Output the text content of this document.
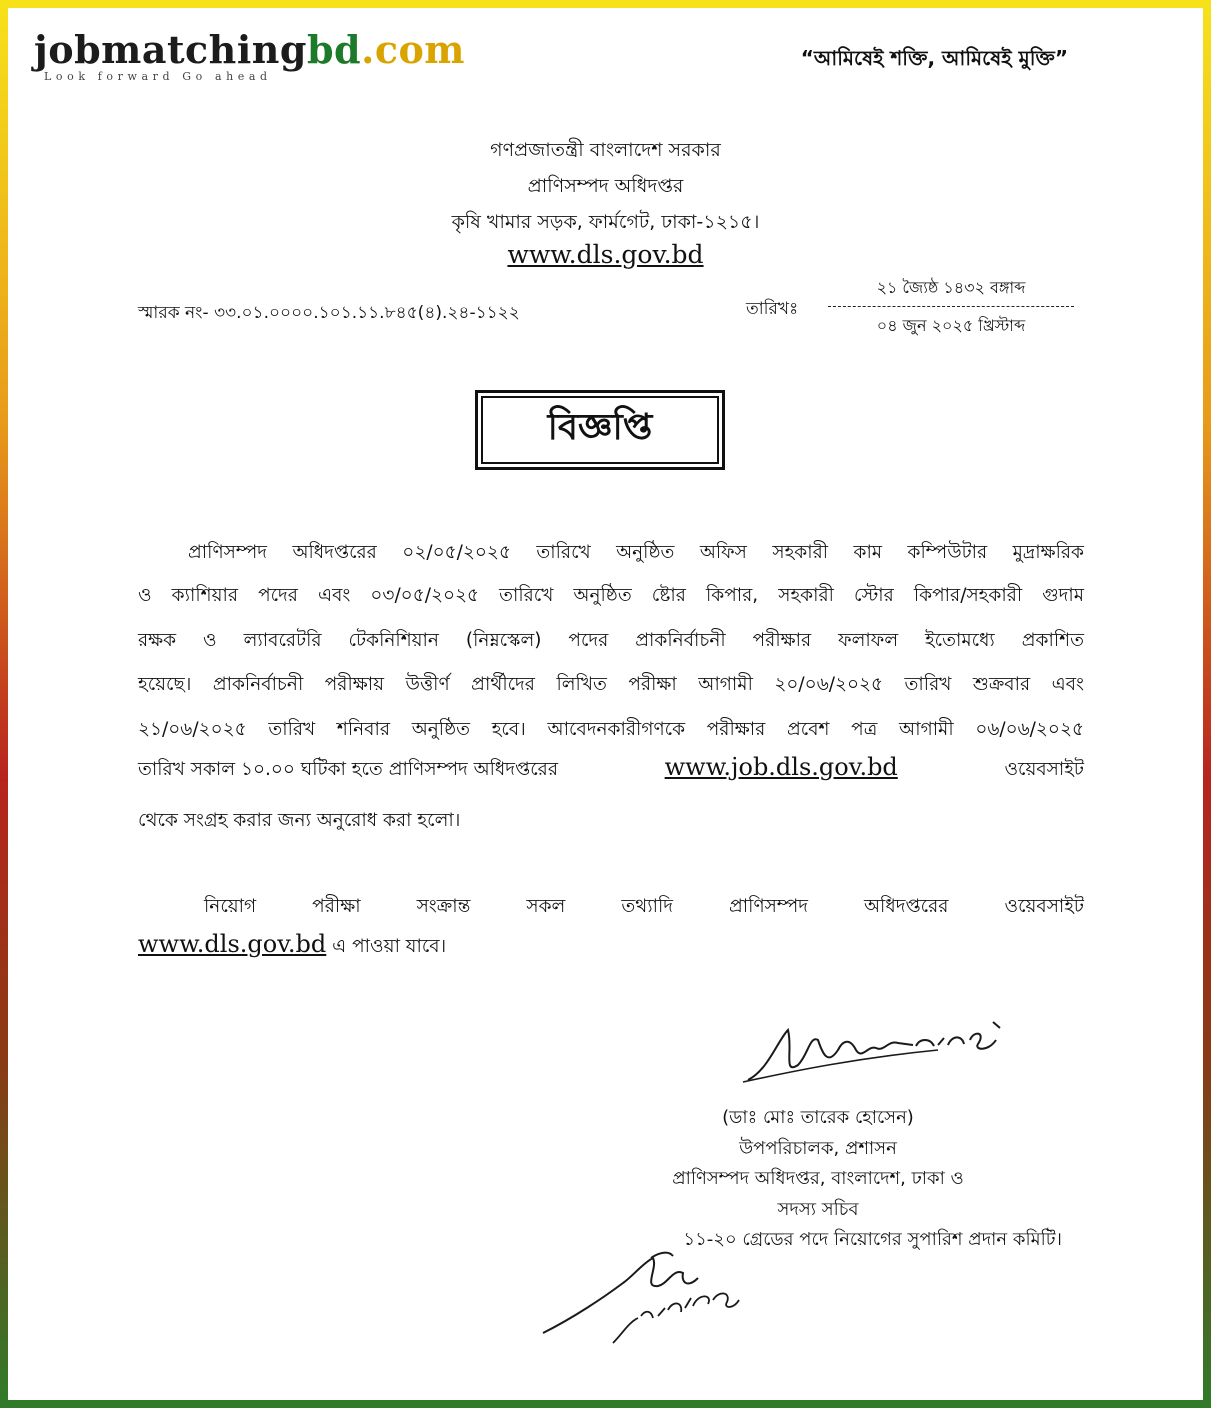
jobmatchingbd.com
Look forward Go ahead
“আমিষেই শক্তি, আমিষেই মুক্তি”
গণপ্রজাতন্ত্রী বাংলাদেশ সরকার
প্রাণিসম্পদ অধিদপ্তর
কৃষি খামার সড়ক, ফার্মগেট, ঢাকা-১২১৫।
www.dls.gov.bd
স্মারক নং- ৩৩.০১.০০০০.১০১.১১.৮৪৫(৪).২৪-১১২২	তারিখঃ
২১ জ্যৈষ্ঠ ১৪৩২ বঙ্গাব্দ
০৪ জুন ২০২৫ খ্রিস্টাব্দ
বিজ্ঞপ্তি
প্রাণিসম্পদ অধিদপ্তরের ০২/০৫/২০২৫ তারিখে অনুষ্ঠিত অফিস সহকারী কাম কম্পিউটার মুদ্রাক্ষরিক
ও ক্যাশিয়ার পদের এবং ০৩/০৫/২০২৫ তারিখে অনুষ্ঠিত ষ্টোর কিপার, সহকারী স্টোর কিপার/সহকারী গুদাম
রক্ষক ও ল্যাবরেটরি টেকনিশিয়ান (নিম্নস্কেল) পদের প্রাকনির্বাচনী পরীক্ষার ফলাফল ইতোমধ্যে প্রকাশিত
হয়েছে। প্রাকনির্বাচনী পরীক্ষায় উত্তীর্ণ প্রার্থীদের লিখিত পরীক্ষা আগামী ২০/০৬/২০২৫ তারিখ শুক্রবার এবং
২১/০৬/২০২৫ তারিখ শনিবার অনুষ্ঠিত হবে। আবেদনকারীগণকে পরীক্ষার প্রবেশ পত্র আগামী ০৬/০৬/২০২৫
তারিখ সকাল ১০.০০ ঘটিকা হতে প্রাণিসম্পদ অধিদপ্তরের	www.job.dls.gov.bd	ওয়েবসাইট
থেকে সংগ্রহ করার জন্য অনুরোধ করা হলো।
নিয়োগ পরীক্ষা সংক্রান্ত সকল তথ্যাদি প্রাণিসম্পদ অধিদপ্তরের ওয়েবসাইট
www.dls.gov.bd এ পাওয়া যাবে।
(ডাঃ মোঃ তারেক হোসেন)
উপপরিচালক, প্রশাসন
প্রাণিসম্পদ অধিদপ্তর, বাংলাদেশ, ঢাকা ও
সদস্য সচিব
১১-২০ গ্রেডের পদে নিয়োগের সুপারিশ প্রদান কমিটি।
